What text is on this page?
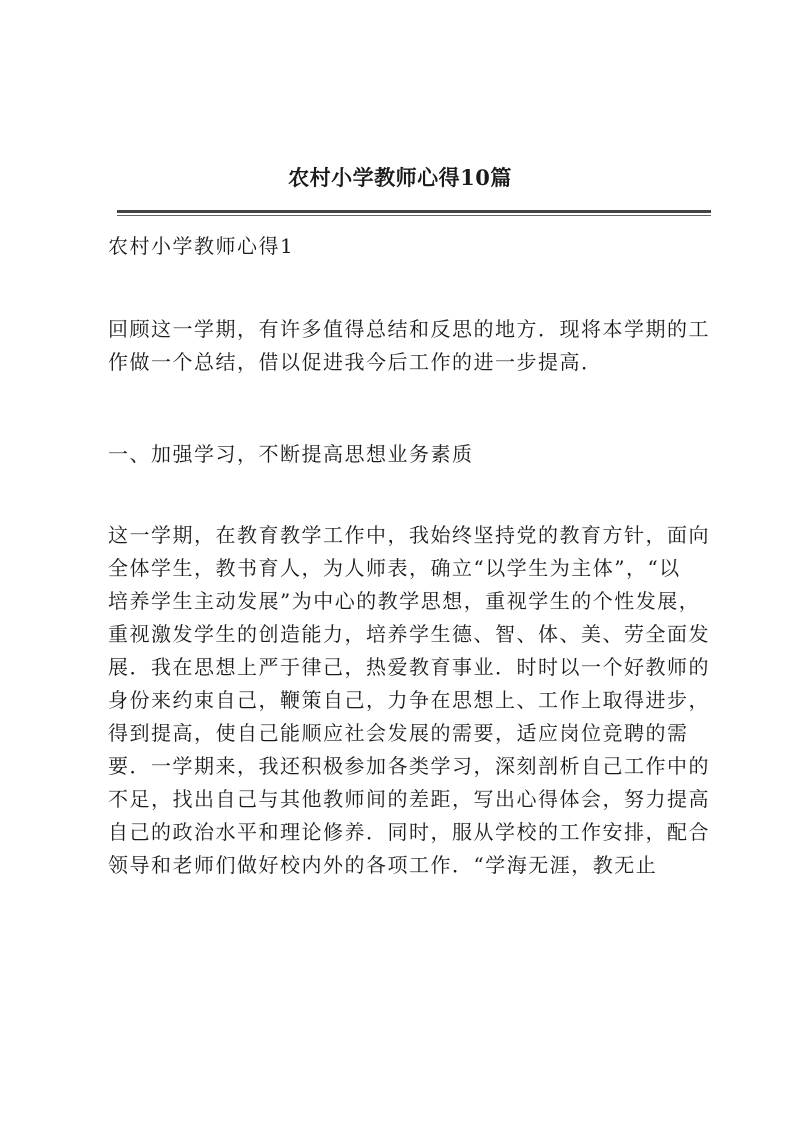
农村小学教师心得10篇
农村小学教师心得1
回顾这一学期，有许多值得总结和反思的地方．现将本学期的工
作做一个总结，借以促进我今后工作的进一步提高．
一、加强学习，不断提高思想业务素质
这一学期，在教育教学工作中，我始终坚持党的教育方针，面向
全体学生，教书育人，为人师表，确立“以学生为主体”，“以
培养学生主动发展”为中心的教学思想，重视学生的个性发展，
重视激发学生的创造能力，培养学生德、智、体、美、劳全面发
展．我在思想上严于律己，热爱教育事业．时时以一个好教师的
身份来约束自己，鞭策自己，力争在思想上、工作上取得进步，
得到提高，使自己能顺应社会发展的需要，适应岗位竞聘的需
要．一学期来，我还积极参加各类学习，深刻剖析自己工作中的
不足，找出自己与其他教师间的差距，写出心得体会，努力提高
自己的政治水平和理论修养．同时，服从学校的工作安排，配合
领导和老师们做好校内外的各项工作．“学海无涯，教无止
